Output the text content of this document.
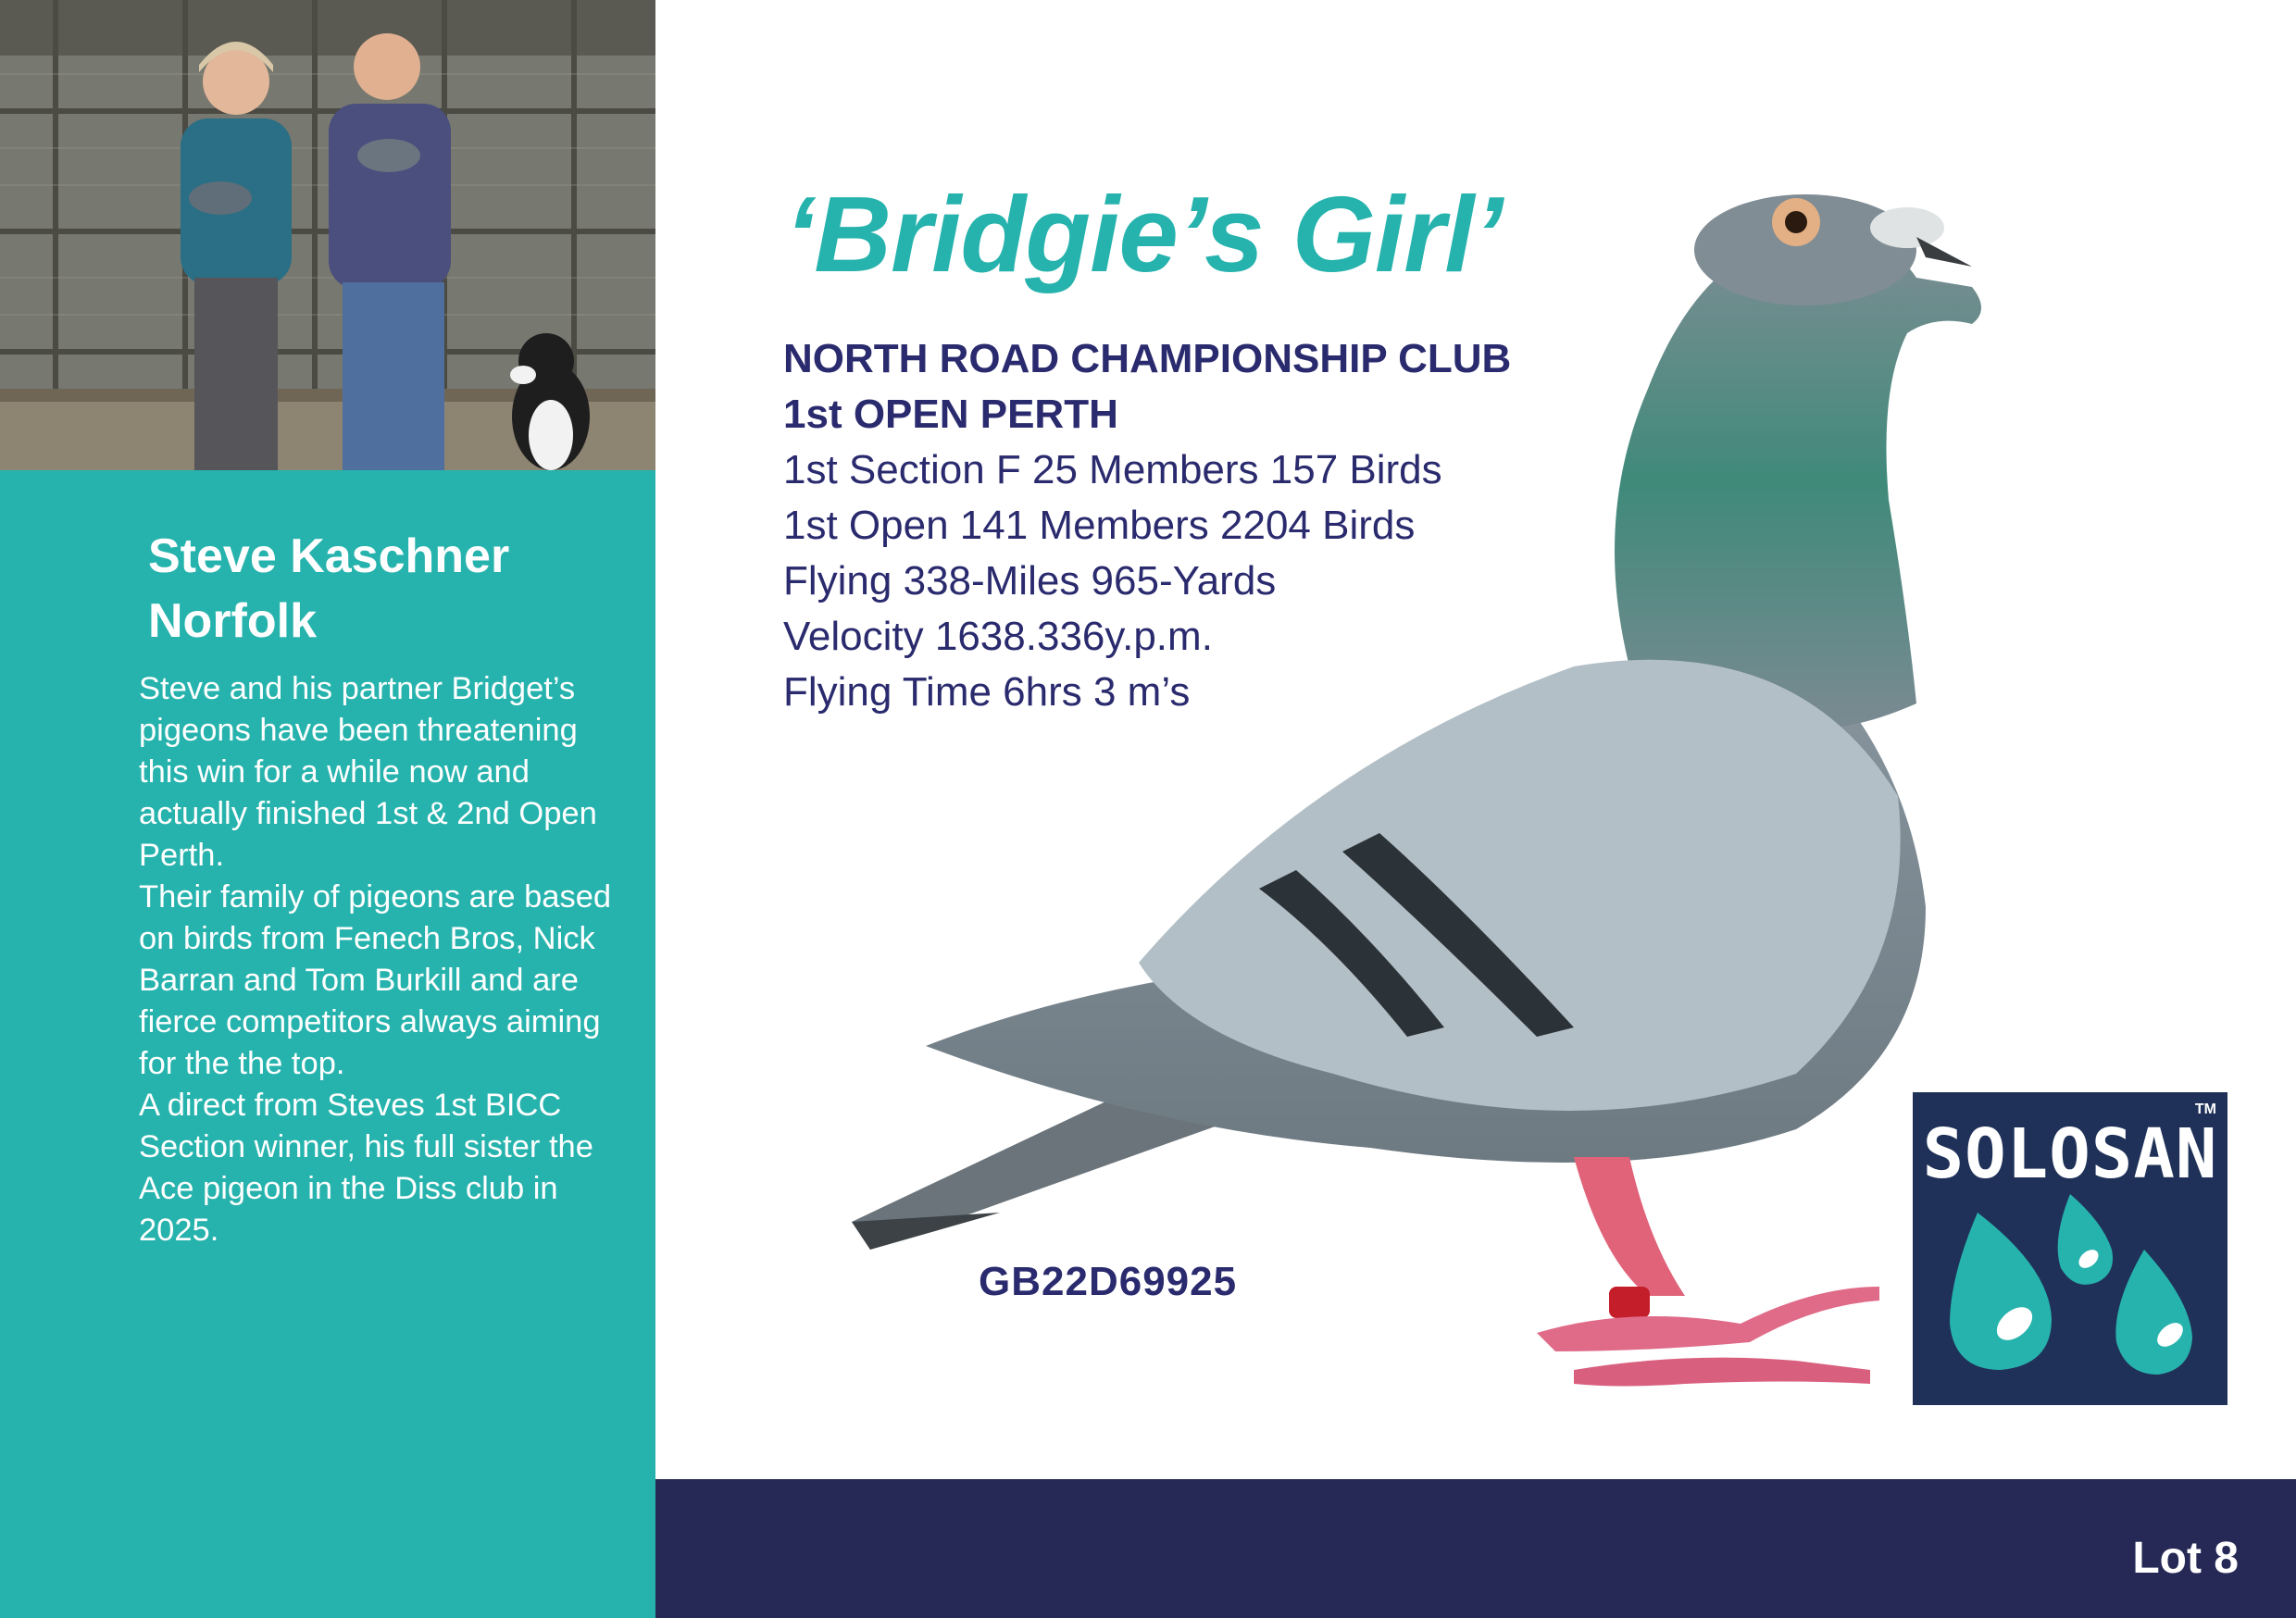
Steve Kaschner
Norfolk

Steve and his partner Bridget’s pigeons have been threatening this win for a while now and actually finished 1st & 2nd Open Perth.

Their family of pigeons are based on birds from Fenech Bros, Nick Barran and Tom Burkill and are fierce competitors always aiming for the the top.

A direct from Steves 1st BICC Section winner, his full sister the Ace pigeon in the Diss club in 2025.

‘Bridgie’s Girl’
NORTH ROAD CHAMPIONSHIP CLUB
1st OPEN PERTH
1st Section F 25 Members 157 Birds
1st Open 141 Members 2204 Birds
Flying 338-Miles 965-Yards
Velocity 1638.336y.p.m.
Flying Time 6hrs 3 m’s
GB22D69925
SOLOSAN
TM
Lot 8
